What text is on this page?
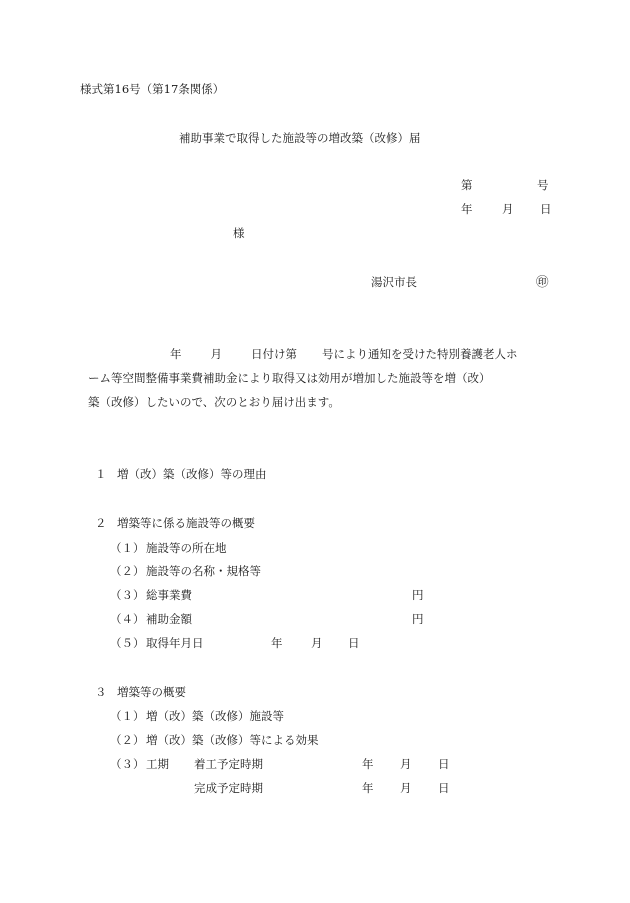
様式第16号（第17条関係）
補助事業で取得した施設等の増改築（改修）届
第	号
年	月 日
様
湯沢市長	㊞
年	月	日付け第 号により通知を受けた特別養護老人ホ
ーム等空間整備事業費補助金により取得又は効用が増加した施設等を増（改）
築（改修）したいので、次のとおり届け出ます。
１ 増（改）築（改修）等の理由
２ 増築等に係る施設等の概要
（１） 施設等の所在地
（２） 施設等の名称・規格等
（３） 総事業費	円
（４） 補助金額	円
（５） 取得年月日	年 月 日
３ 増築等の概要
（１） 増（改）築（改修）施設等
（２） 増（改）築（改修）等による効果
（３） 工期 着工予定時期	年 月 日
完成予定時期	年 月 日
